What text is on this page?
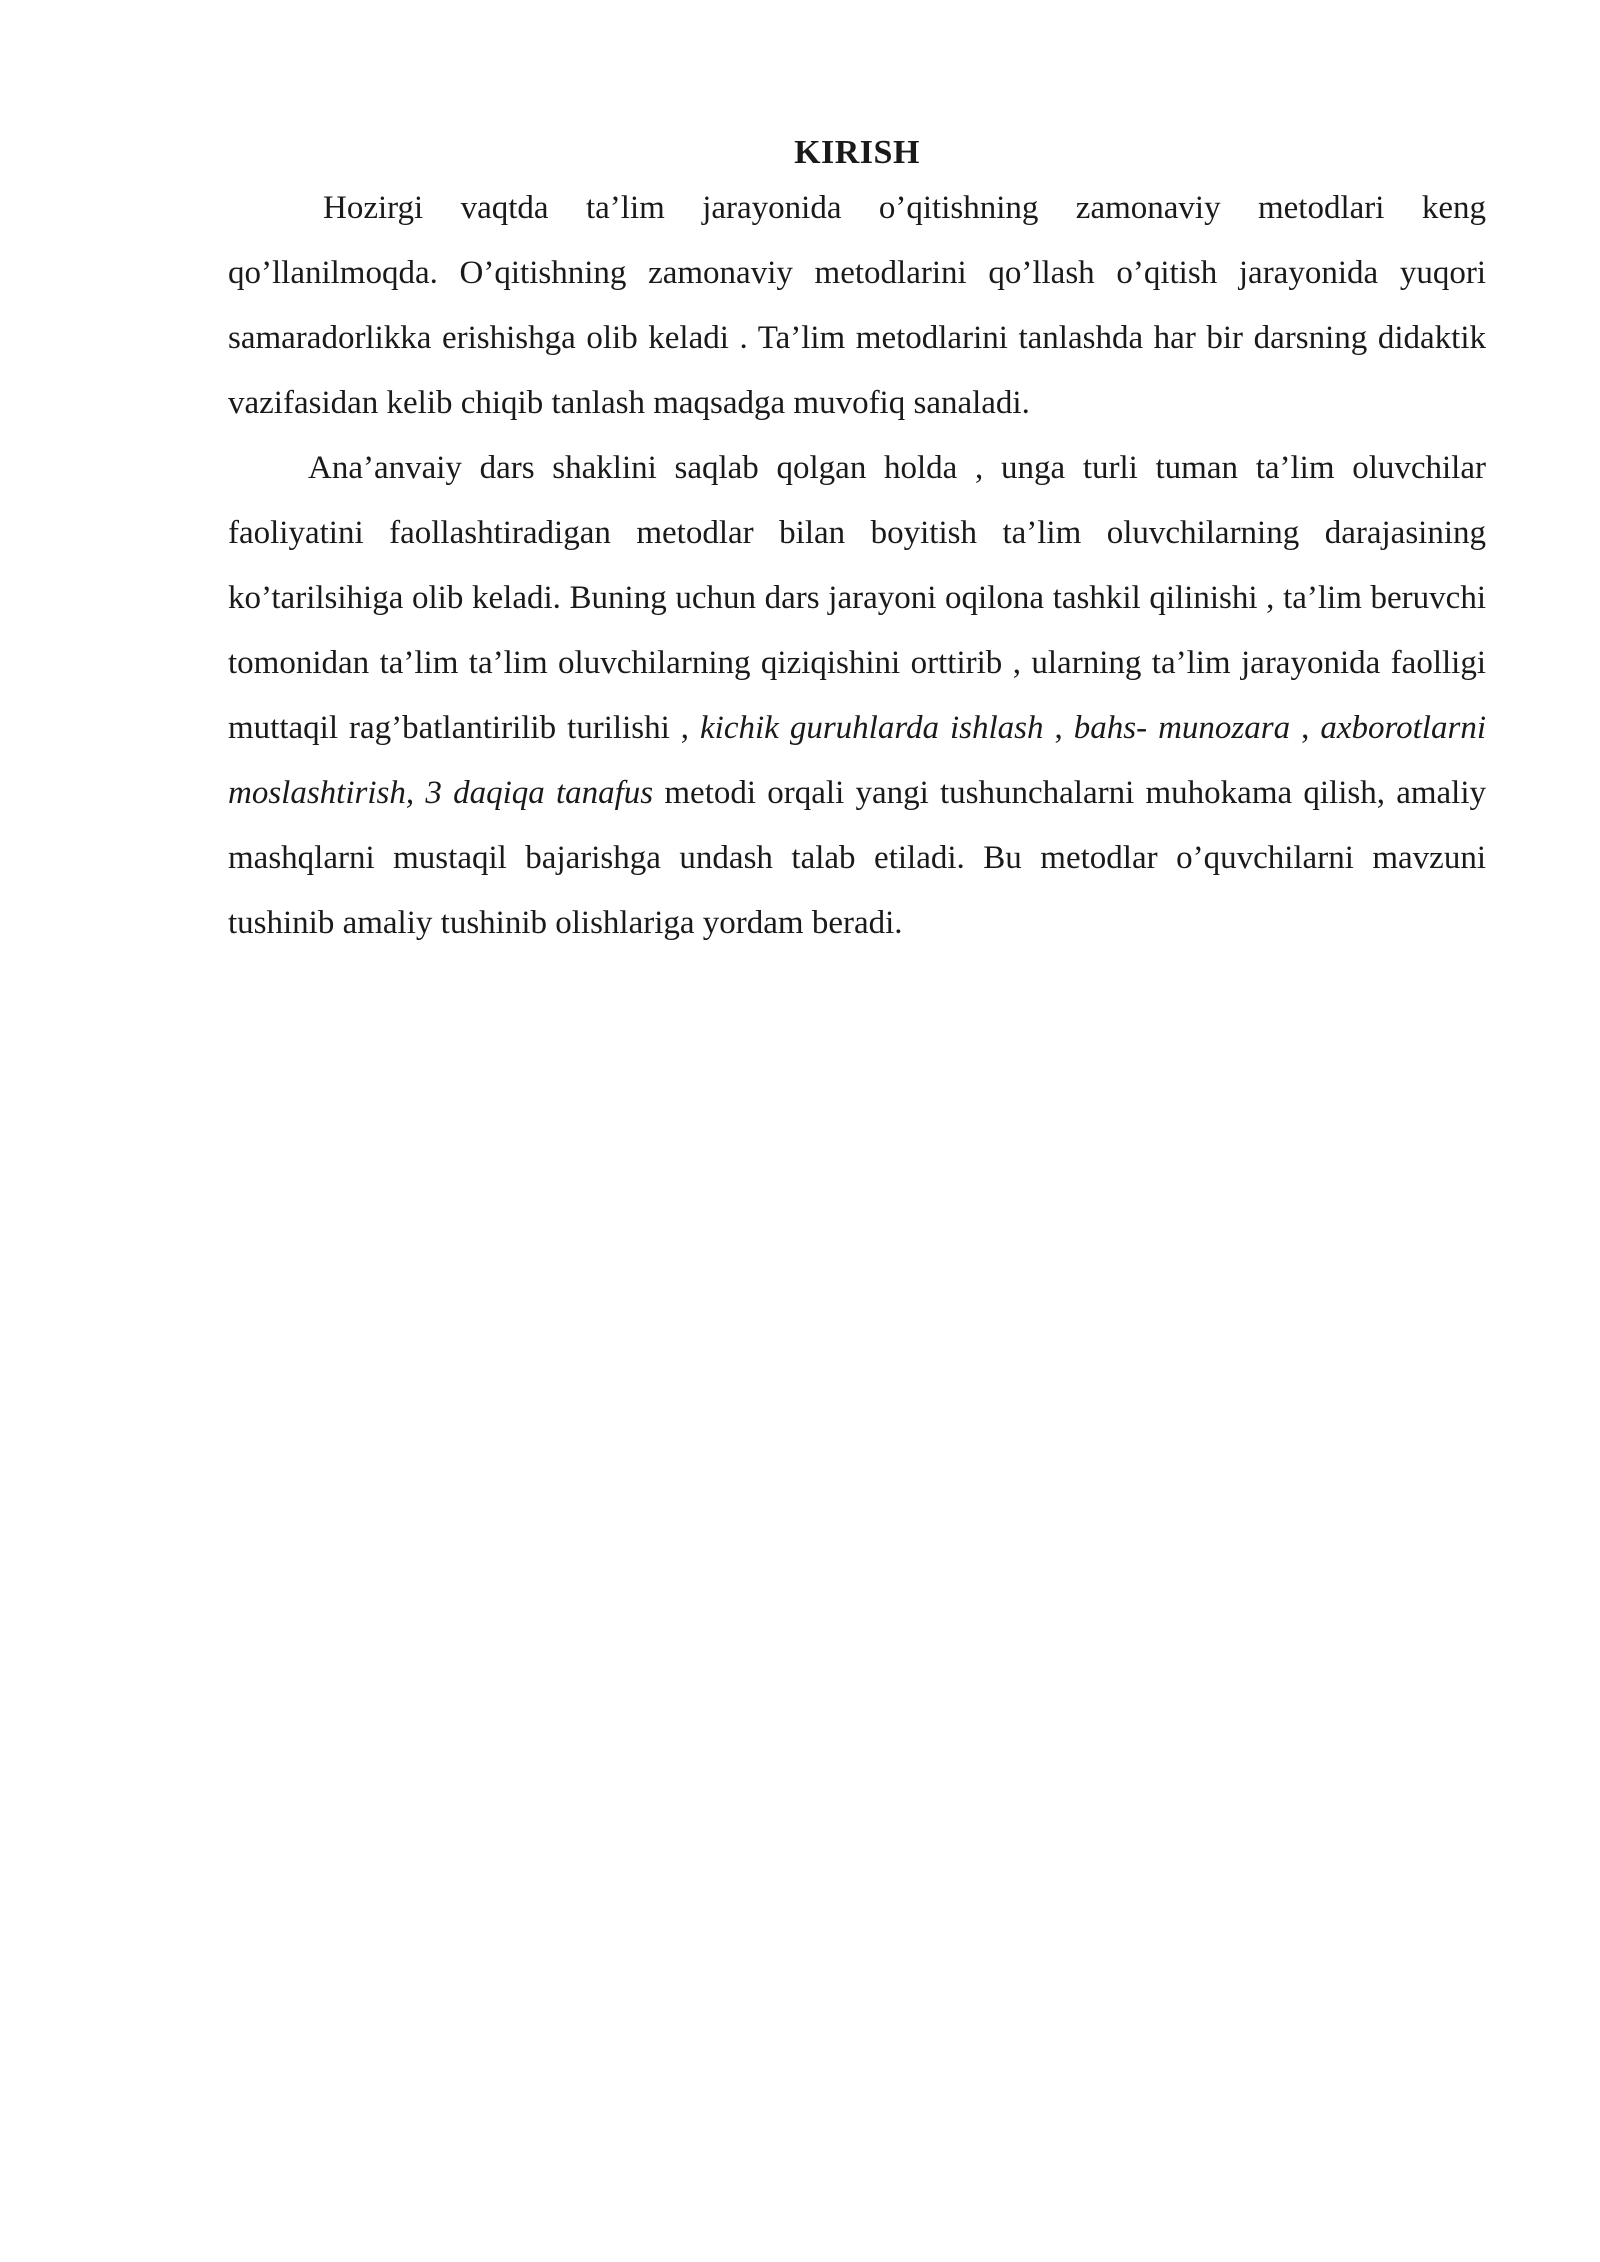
KIRISH

Hozirgi vaqtda ta’lim jarayonida o’qitishning zamonaviy metodlari keng qo’llanilmoqda. O’qitishning zamonaviy metodlarini qo’llash o’qitish jarayonida yuqori samaradorlikka erishishga olib keladi . Ta’lim metodlarini tanlashda har bir darsning didaktik vazifasidan kelib chiqib tanlash maqsadga muvofiq sanaladi.

Ana’anvaiy dars shaklini saqlab qolgan holda , unga turli tuman ta’lim oluvchilar faoliyatini faollashtiradigan metodlar bilan boyitish ta’lim oluvchilarning darajasining ko’tarilsihiga olib keladi. Buning uchun dars jarayoni oqilona tashkil qilinishi , ta’lim beruvchi tomonidan ta’lim ta’lim oluvchilarning qiziqishini orttirib , ularning ta’lim jarayonida faolligi muttaqil rag’batlantirilib turilishi , kichik guruhlarda ishlash , bahs- munozara , axborotlarni moslashtirish, 3 daqiqa tanafus metodi orqali yangi tushunchalarni muhokama qilish, amaliy mashqlarni mustaqil bajarishga undash talab etiladi. Bu metodlar o’quvchilarni mavzuni tushinib amaliy tushinib olishlariga yordam beradi.
